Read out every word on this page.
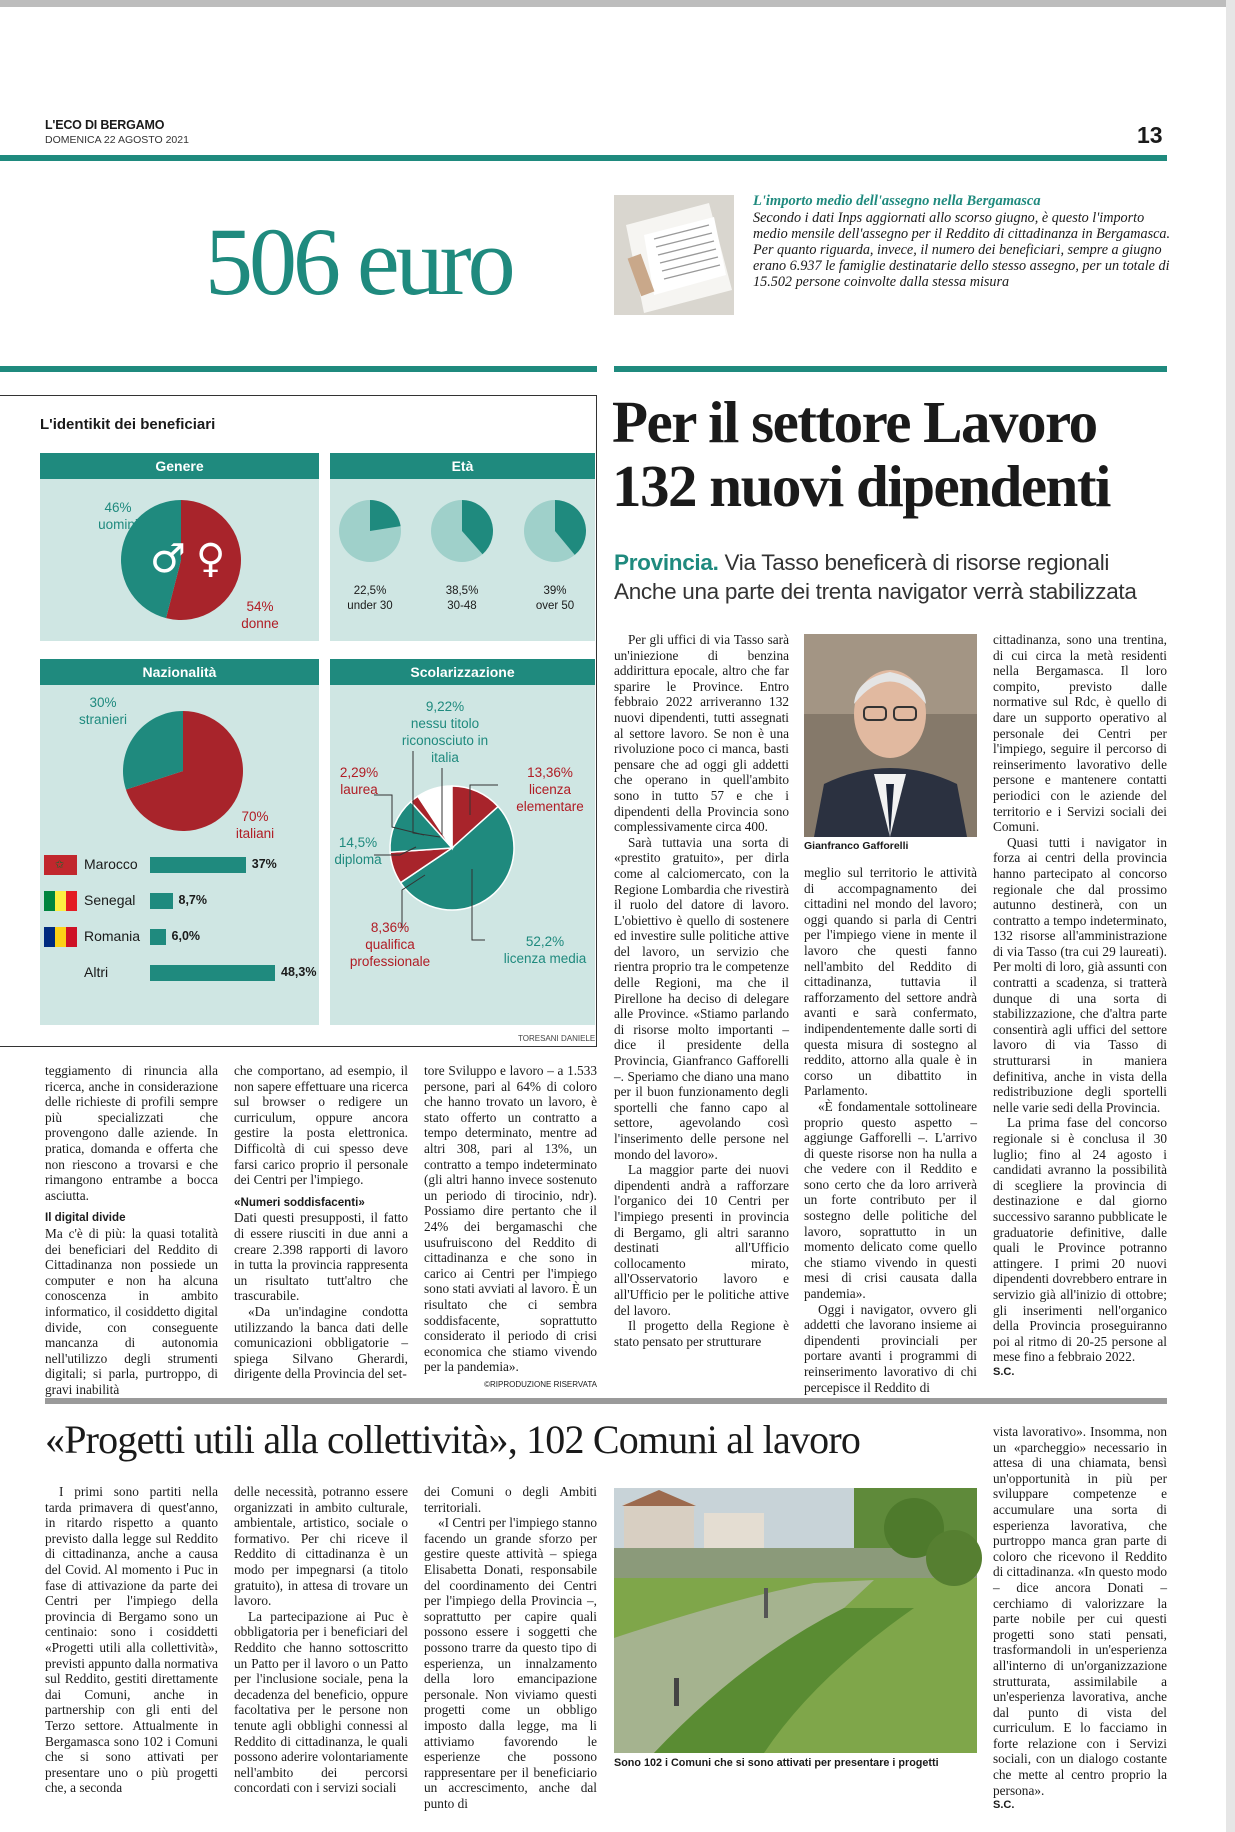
L'ECO DI BERGAMO
DOMENICA 22 AGOSTO 2021	13
506 euro
L'importo medio dell'assegno nella Bergamasca
Secondo i dati Inps aggiornati allo scorso giugno, è questo l'importo medio mensile dell'assegno per il Reddito di cittadinanza in Bergamasca. Per quanto riguarda, invece, il numero dei beneficiari, sempre a giugno erano 6.937 le famiglie destinatarie dello stesso assegno, per un totale di 15.502 persone coinvolte dalla stessa misura
L'identikit dei beneficiari
Genere
♂ ♀
46%
uomini
54%
donne
Età
22,5%
under 30
38,5%
30-48
39%
over 50
Nazionalità
30%
stranieri
70%
italiani
✩ Marocco	37%
Senegal	8,7%
Romania	6,0%
Altri	48,3%
Scolarizzazione
9,22%
nessu titolo riconosciuto in italia
2,29%
laurea
13,36%
licenza elementare
14,5%
diploma
8,36%
qualifica professionale
52,2%
licenza media
TORESANI DANIELE
Per il settore Lavoro
132 nuovi dipendenti
Provincia. Via Tasso beneficerà di risorse regionali
Anche una parte dei trenta navigator verrà stabilizzata

Per gli uffici di via Tasso sarà un'iniezione di benzina addirittura epocale, altro che far sparire le Province. Entro febbraio 2022 arriveranno 132 nuovi dipendenti, tutti assegnati al settore lavoro. Se non è una rivoluzione poco ci manca, basti pensare che ad oggi gli addetti che operano in quell'ambito sono in tutto 57 e che i dipendenti della Provincia sono complessivamente circa 400.

Sarà tuttavia una sorta di «prestito gratuito», per dirla come al calciomercato, con la Regione Lombardia che rivestirà il ruolo del datore di lavoro. L'obiettivo è quello di sostenere ed investire sulle politiche attive del lavoro, un servizio che rientra proprio tra le competenze delle Regioni, ma che il Pirellone ha deciso di delegare alle Province. «Stiamo parlando di risorse molto importanti – dice il presidente della Provincia, Gianfranco Gafforelli –. Speriamo che diano una mano per il buon funzionamento degli sportelli che fanno capo al settore, agevolando così l'inserimento delle persone nel mondo del lavoro».

La maggior parte dei nuovi dipendenti andrà a rafforzare l'organico dei 10 Centri per l'impiego presenti in provincia di Bergamo, gli altri saranno destinati all'Ufficio collocamento mirato, all'Osservatorio lavoro e all'Ufficio per le politiche attive del lavoro.

Il progetto della Regione è stato pensato per strutturare

Gianfranco Gafforelli

meglio sul territorio le attività di accompagnamento dei cittadini nel mondo del lavoro; oggi quando si parla di Centri per l'impiego viene in mente il lavoro che questi fanno nell'ambito del Reddito di cittadinanza, tuttavia il rafforzamento del settore andrà avanti e sarà confermato, indipendentemente dalle sorti di questa misura di sostegno al reddito, attorno alla quale è in corso un dibattito in Parlamento.

«È fondamentale sottolineare proprio questo aspetto – aggiunge Gafforelli –. L'arrivo di queste risorse non ha nulla a che vedere con il Reddito e sono certo che da loro arriverà un forte contributo per il sostegno delle politiche del lavoro, soprattutto in un momento delicato come quello che stiamo vivendo in questi mesi di crisi causata dalla pandemia».

Oggi i navigator, ovvero gli addetti che lavorano insieme ai dipendenti provinciali per portare avanti i programmi di reinserimento lavorativo di chi percepisce il Reddito di

cittadinanza, sono una trentina, di cui circa la metà residenti nella Bergamasca. Il loro compito, previsto dalle normative sul Rdc, è quello di dare un supporto operativo al personale dei Centri per l'impiego, seguire il percorso di reinserimento lavorativo delle persone e mantenere contatti periodici con le aziende del territorio e i Servizi sociali dei Comuni.

Quasi tutti i navigator in forza ai centri della provincia hanno partecipato al concorso regionale che dal prossimo autunno destinerà, con un contratto a tempo indeterminato, 132 risorse all'amministrazione di via Tasso (tra cui 29 laureati). Per molti di loro, già assunti con contratti a scadenza, si tratterà dunque di una sorta di stabilizzazione, che d'altra parte consentirà agli uffici del settore lavoro di via Tasso di strutturarsi in maniera definitiva, anche in vista della redistribuzione degli sportelli nelle varie sedi della Provincia.

La prima fase del concorso regionale si è conclusa il 30 luglio; fino al 24 agosto i candidati avranno la possibilità di scegliere la provincia di destinazione e dal giorno successivo saranno pubblicate le graduatorie definitive, dalle quali le Province potranno attingere. I primi 20 nuovi dipendenti dovrebbero entrare in servizio già all'inizio di ottobre; gli inserimenti nell'organico della Provincia proseguiranno poi al ritmo di 20-25 persone al mese fino a febbraio 2022.

S.C.

teggiamento di rinuncia alla ricerca, anche in considerazione delle richieste di profili sempre più specializzati che provengono dalle aziende. In pratica, domanda e offerta che non riescono a trovarsi e che rimangono entrambe a bocca asciutta.

Il digital divide

Ma c'è di più: la quasi totalità dei beneficiari del Reddito di Cittadinanza non possiede un computer e non ha alcuna conoscenza in ambito informatico, il cosiddetto digital divide, con conseguente mancanza di autonomia nell'utilizzo degli strumenti digitali; si parla, purtroppo, di gravi inabilità

che comportano, ad esempio, il non sapere effettuare una ricerca sul browser o redigere un curriculum, oppure ancora gestire la posta elettronica. Difficoltà di cui spesso deve farsi carico proprio il personale dei Centri per l'impiego.

«Numeri soddisfacenti»

Dati questi presupposti, il fatto di essere riusciti in due anni a creare 2.398 rapporti di lavoro in tutta la provincia rappresenta un risultato tutt'altro che trascurabile.

«Da un'indagine condotta utilizzando la banca dati delle comunicazioni obbligatorie – spiega Silvano Gherardi, dirigente della Provincia del set-

tore Sviluppo e lavoro – a 1.533 persone, pari al 64% di coloro che hanno trovato un lavoro, è stato offerto un contratto a tempo determinato, mentre ad altri 308, pari al 13%, un contratto a tempo indeterminato (gli altri hanno invece sostenuto un periodo di tirocinio, ndr). Possiamo dire pertanto che il 24% dei bergamaschi che usufruiscono del Reddito di cittadinanza e che sono in carico ai Centri per l'impiego sono stati avviati al lavoro. È un risultato che ci sembra soddisfacente, soprattutto considerato il periodo di crisi economica che stiamo vivendo per la pandemia».

©RIPRODUZIONE RISERVATA
«Progetti utili alla collettività», 102 Comuni al lavoro

I primi sono partiti nella tarda primavera di quest'anno, in ritardo rispetto a quanto previsto dalla legge sul Reddito di cittadinanza, anche a causa del Covid. Al momento i Puc in fase di attivazione da parte dei Centri per l'impiego della provincia di Bergamo sono un centinaio: sono i cosiddetti «Progetti utili alla collettività», previsti appunto dalla normativa sul Reddito, gestiti direttamente dai Comuni, anche in partnership con gli enti del Terzo settore. Attualmente in Bergamasca sono 102 i Comuni che si sono attivati per presentare uno o più progetti che, a seconda

delle necessità, potranno essere organizzati in ambito culturale, ambientale, artistico, sociale o formativo. Per chi riceve il Reddito di cittadinanza è un modo per impegnarsi (a titolo gratuito), in attesa di trovare un lavoro.

La partecipazione ai Puc è obbligatoria per i beneficiari del Reddito che hanno sottoscritto un Patto per il lavoro o un Patto per l'inclusione sociale, pena la decadenza del beneficio, oppure facoltativa per le persone non tenute agli obblighi connessi al Reddito di cittadinanza, le quali possono aderire volontariamente nell'ambito dei percorsi concordati con i servizi sociali

dei Comuni o degli Ambiti territoriali.

«I Centri per l'impiego stanno facendo un grande sforzo per gestire queste attività – spiega Elisabetta Donati, responsabile del coordinamento dei Centri per l'impiego della Provincia –, soprattutto per capire quali possono essere i soggetti che possono trarre da questo tipo di esperienza, un innalzamento della loro emancipazione personale. Non viviamo questi progetti come un obbligo imposto dalla legge, ma li attiviamo favorendo le esperienze che possono rappresentare per il beneficiario un accrescimento, anche dal punto di

Sono 102 i Comuni che si sono attivati per presentare i progetti

vista lavorativo». Insomma, non un «parcheggio» necessario in attesa di una chiamata, bensì un'opportunità in più per sviluppare competenze e accumulare una sorta di esperienza lavorativa, che purtroppo manca gran parte di coloro che ricevono il Reddito di cittadinanza. «In questo modo – dice ancora Donati – cerchiamo di valorizzare la parte nobile per cui questi progetti sono stati pensati, trasformandoli in un'esperienza all'interno di un'organizzazione strutturata, assimilabile a un'esperienza lavorativa, anche dal punto di vista del curriculum. E lo facciamo in forte relazione con i Servizi sociali, con un dialogo costante che mette al centro proprio la persona».

S.C.
